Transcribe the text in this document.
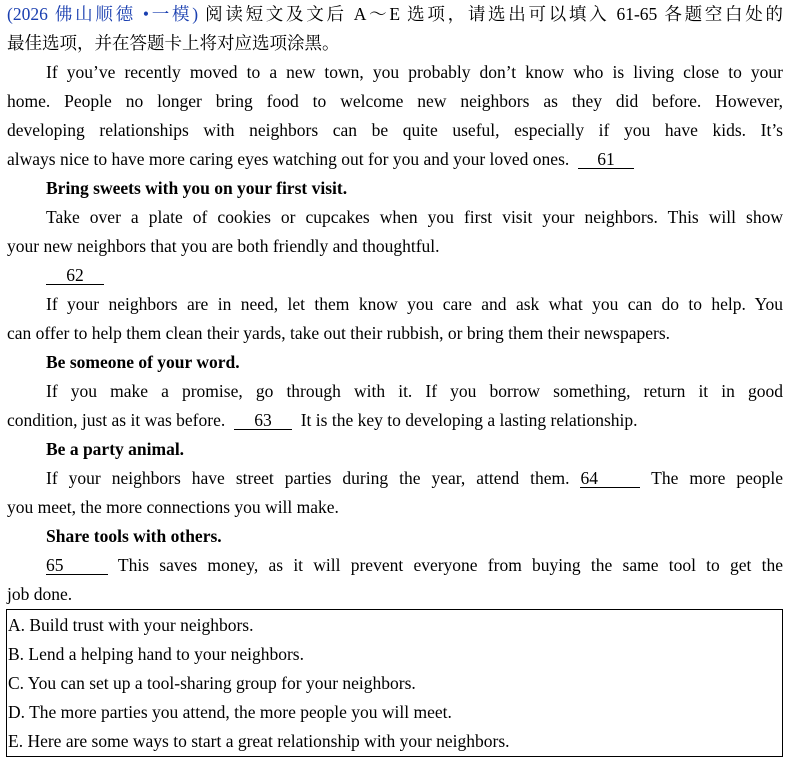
(2026 佛山顺德 •一模) 阅读短文及文后 A～E 选项，请选出可以填入 61-65 各题空白处的
最佳选项，并在答题卡上将对应选项涂黑。
If you’ve recently moved to a new town, you probably don’t know who is living close to your
home. People no longer bring food to welcome new neighbors as they did before. However,
developing relationships with neighbors can be quite useful, especially if you have kids. It’s
always nice to have more caring eyes watching out for you and your loved ones. 61
Bring sweets with you on your first visit.
Take over a plate of cookies or cupcakes when you first visit your neighbors. This will show
your new neighbors that you are both friendly and thoughtful.
62
If your neighbors are in need, let them know you care and ask what you can do to help. You
can offer to help them clean their yards, take out their rubbish, or bring them their newspapers.
Be someone of your word.
If you make a promise, go through with it. If you borrow something, return it in good
condition, just as it was before. 63 It is the key to developing a lasting relationship.
Be a party animal.
If your neighbors have street parties during the year, attend them. 64	The more people
you meet, the more connections you will make.
Share tools with others.
65	This saves money, as it will prevent everyone from buying the same tool to get the
job done.
A. Build trust with your neighbors.
B. Lend a helping hand to your neighbors.
C. You can set up a tool-sharing group for your neighbors.
D. The more parties you attend, the more people you will meet.
E. Here are some ways to start a great relationship with your neighbors.
